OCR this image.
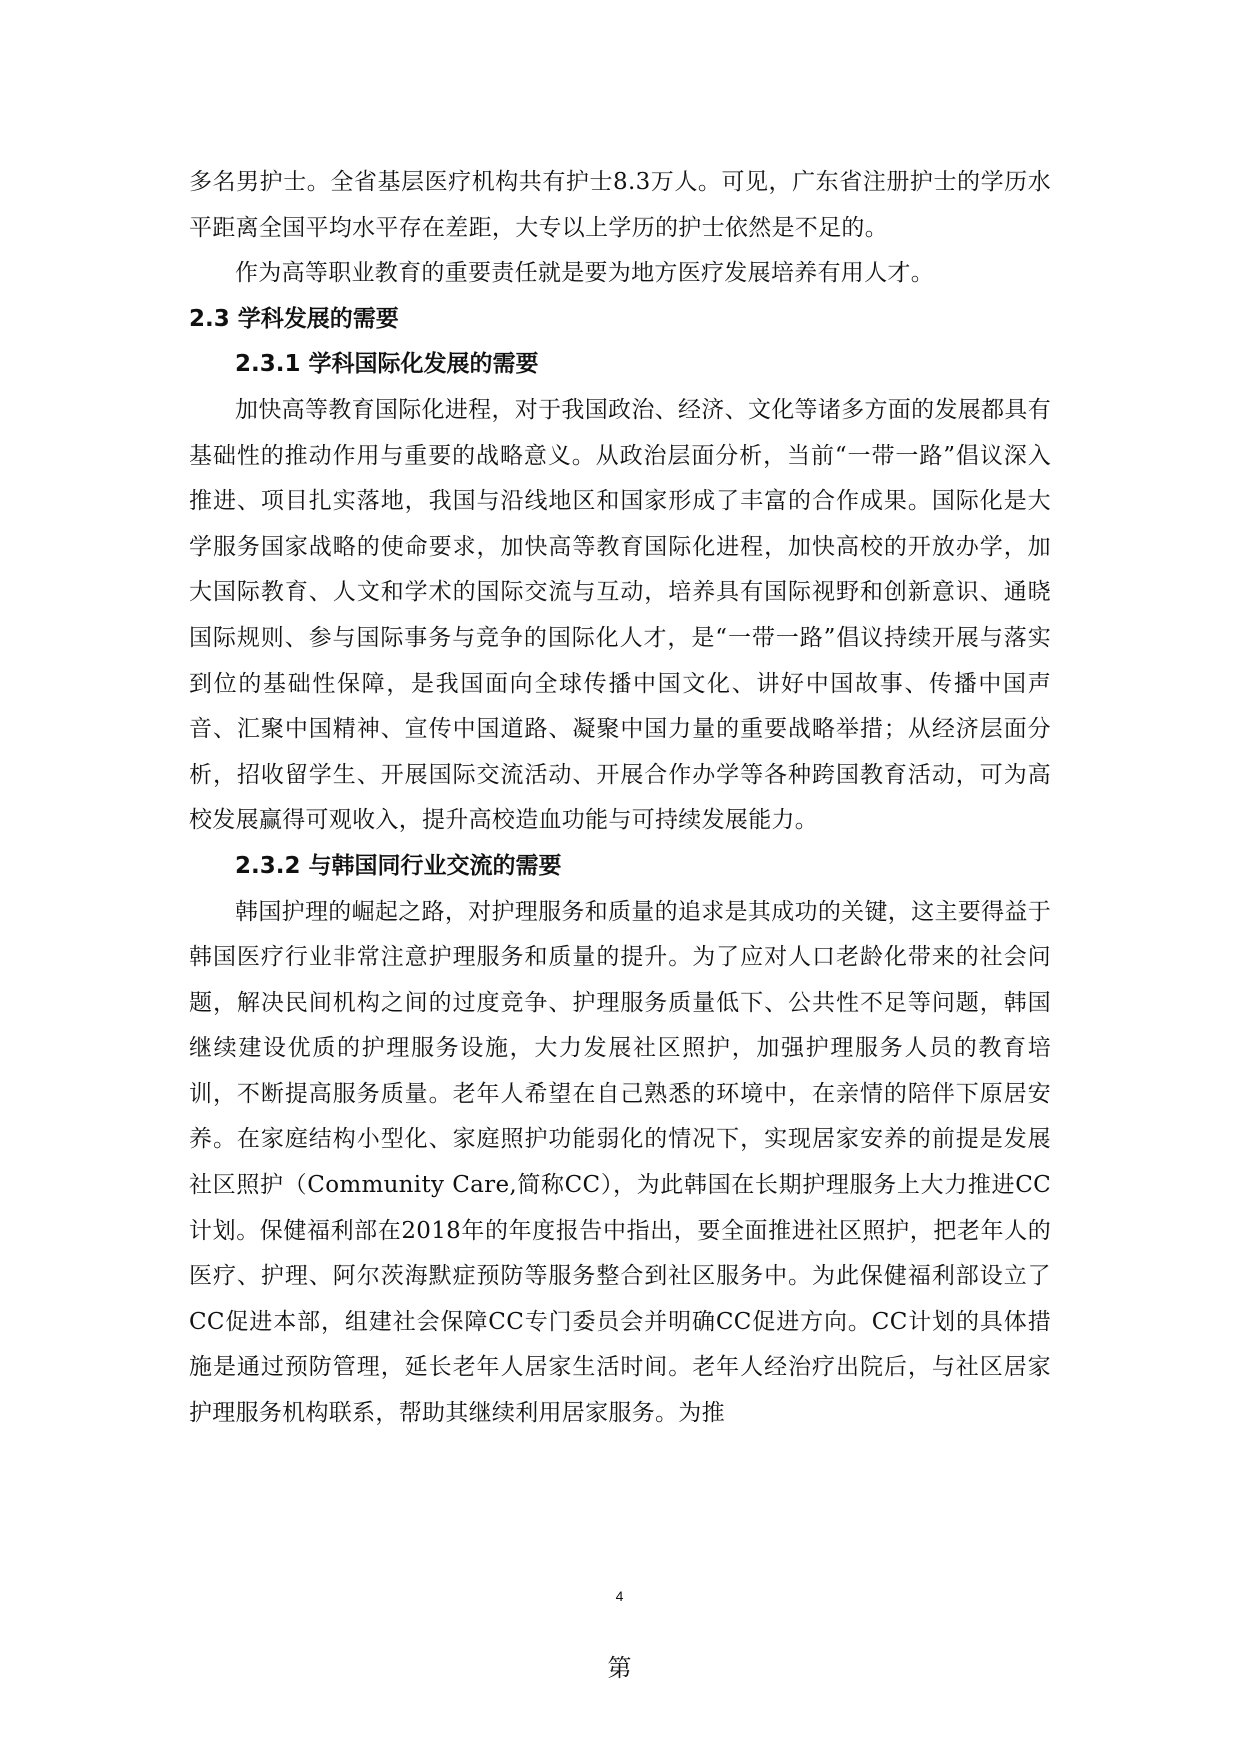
多名男护士。全省基层医疗机构共有护士8.3万人。可见，广东省注册护士的学历水平距离全国平均水平存在差距，大专以上学历的护士依然是不足的。

作为高等职业教育的重要责任就是要为地方医疗发展培养有用人才。

2.3 学科发展的需要
2.3.1 学科国际化发展的需要

加快高等教育国际化进程，对于我国政治、经济、文化等诸多方面的发展都具有基础性的推动作用与重要的战略意义。从政治层面分析，当前“一带一路”倡议深入推进、项目扎实落地，我国与沿线地区和国家形成了丰富的合作成果。国际化是大学服务国家战略的使命要求，加快高等教育国际化进程，加快高校的开放办学，加大国际教育、人文和学术的国际交流与互动，培养具有国际视野和创新意识、通晓国际规则、参与国际事务与竞争的国际化人才，是“一带一路”倡议持续开展与落实到位的基础性保障，是我国面向全球传播中国文化、讲好中国故事、传播中国声音、汇聚中国精神、宣传中国道路、凝聚中国力量的重要战略举措；从经济层面分析，招收留学生、开展国际交流活动、开展合作办学等各种跨国教育活动，可为高校发展赢得可观收入，提升高校造血功能与可持续发展能力。

2.3.2 与韩国同行业交流的需要

韩国护理的崛起之路，对护理服务和质量的追求是其成功的关键，这主要得益于韩国医疗行业非常注意护理服务和质量的提升。为了应对人口老龄化带来的社会问题，解决民间机构之间的过度竞争、护理服务质量低下、公共性不足等问题，韩国继续建设优质的护理服务设施，大力发展社区照护，加强护理服务人员的教育培训，不断提高服务质量。老年人希望在自己熟悉的环境中，在亲情的陪伴下原居安养。在家庭结构小型化、家庭照护功能弱化的情况下，实现居家安养的前提是发展社区照护（Community Care,简称CC），为此韩国在长期护理服务上大力推进CC计划。保健福利部在2018年的年度报告中指出，要全面推进社区照护，把老年人的医疗、护理、阿尔茨海默症预防等服务整合到社区服务中。为此保健福利部设立了CC促进本部，组建社会保障CC专门委员会并明确CC促进方向。CC计划的具体措施是通过预防管理，延长老年人居家生活时间。老年人经治疗出院后，与社区居家护理服务机构联系，帮助其继续利用居家服务。为推

4
第
